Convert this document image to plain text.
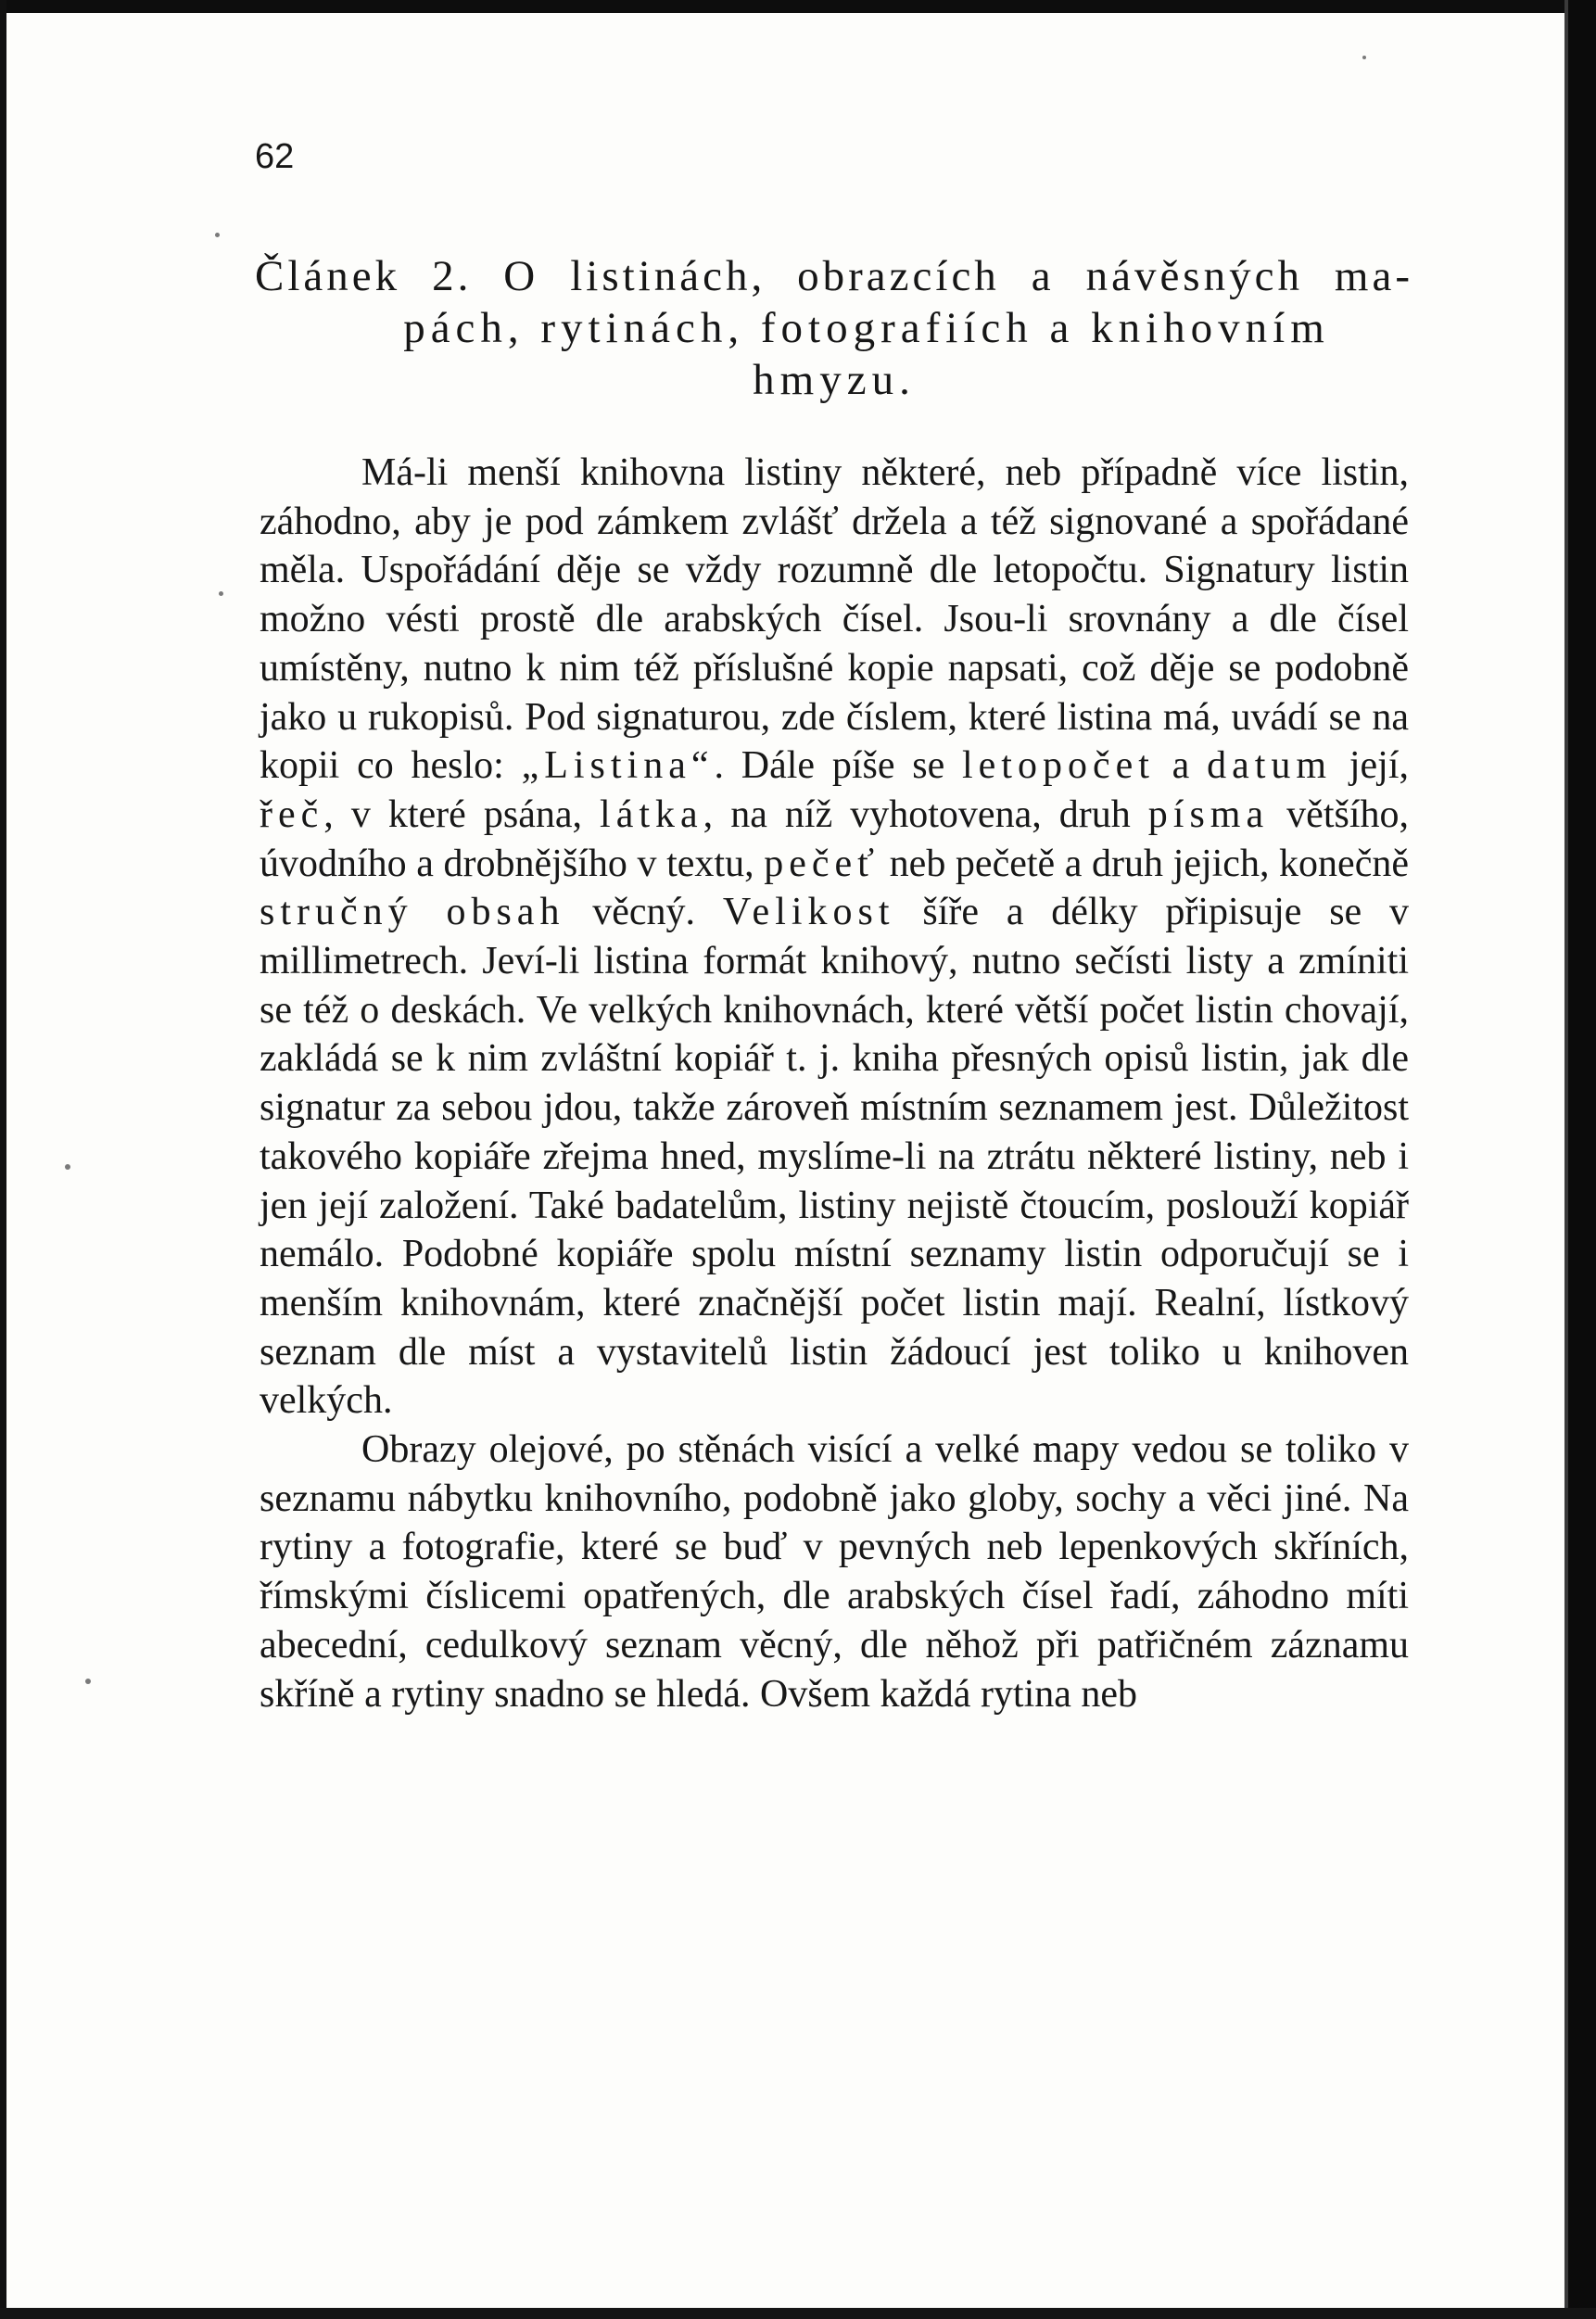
62
Článek 2. O listinách, obrazcích a návěsných ma-
pách, rytinách, fotografiích a knihovním
hmyzu.

Má-li menší knihovna listiny některé, neb případně více listin, záhodno, aby je pod zámkem zvlášť držela a též signované a spořádané měla. Uspořádání děje se vždy rozumně dle letopočtu. Signatury listin možno vésti prostě dle arabských čísel. Jsou-li srovnány a dle čísel umístěny, nutno k nim též příslušné kopie napsati, což děje se podobně jako u rukopisů. Pod signaturou, zde číslem, které listina má, uvádí se na kopii co heslo: „Listina“. Dále píše se letopočet a datum její, řeč, v které psána, látka, na níž vyhotovena, druh písma většího, úvodního a drobnějšího v textu, pečeť neb pečetě a druh jejich, konečně stručný obsah věcný. Velikost šíře a délky připisuje se v millimetrech. Jeví-li listina formát knihový, nutno sečísti listy a zmíniti se též o deskách. Ve velkých knihovnách, které větší počet listin chovají, zakládá se k nim zvláštní kopiář t. j. kniha přesných opisů listin, jak dle signatur za sebou jdou, takže zároveň místním seznamem jest. Důležitost takového kopiáře zřejma hned, myslíme-li na ztrátu některé listiny, neb i jen její založení. Také badatelům, listiny nejistě čtoucím, poslouží kopiář nemálo. Podobné kopiáře spolu místní seznamy listin odporučují se i menším knihovnám, které značnější počet listin mají. Realní, lístkový seznam dle míst a vystavitelů listin žádoucí jest toliko u knihoven velkých.

Obrazy olejové, po stěnách visící a velké mapy vedou se toliko v seznamu nábytku knihovního, podobně jako globy, sochy a věci jiné. Na rytiny a fotografie, které se buď v pevných neb lepenkových skříních, římskými číslicemi opatřených, dle arabských čísel řadí, záhodno míti abecední, cedulkový seznam věcný, dle něhož při patřičném záznamu skříně a rytiny snadno se hledá. Ovšem každá rytina neb
